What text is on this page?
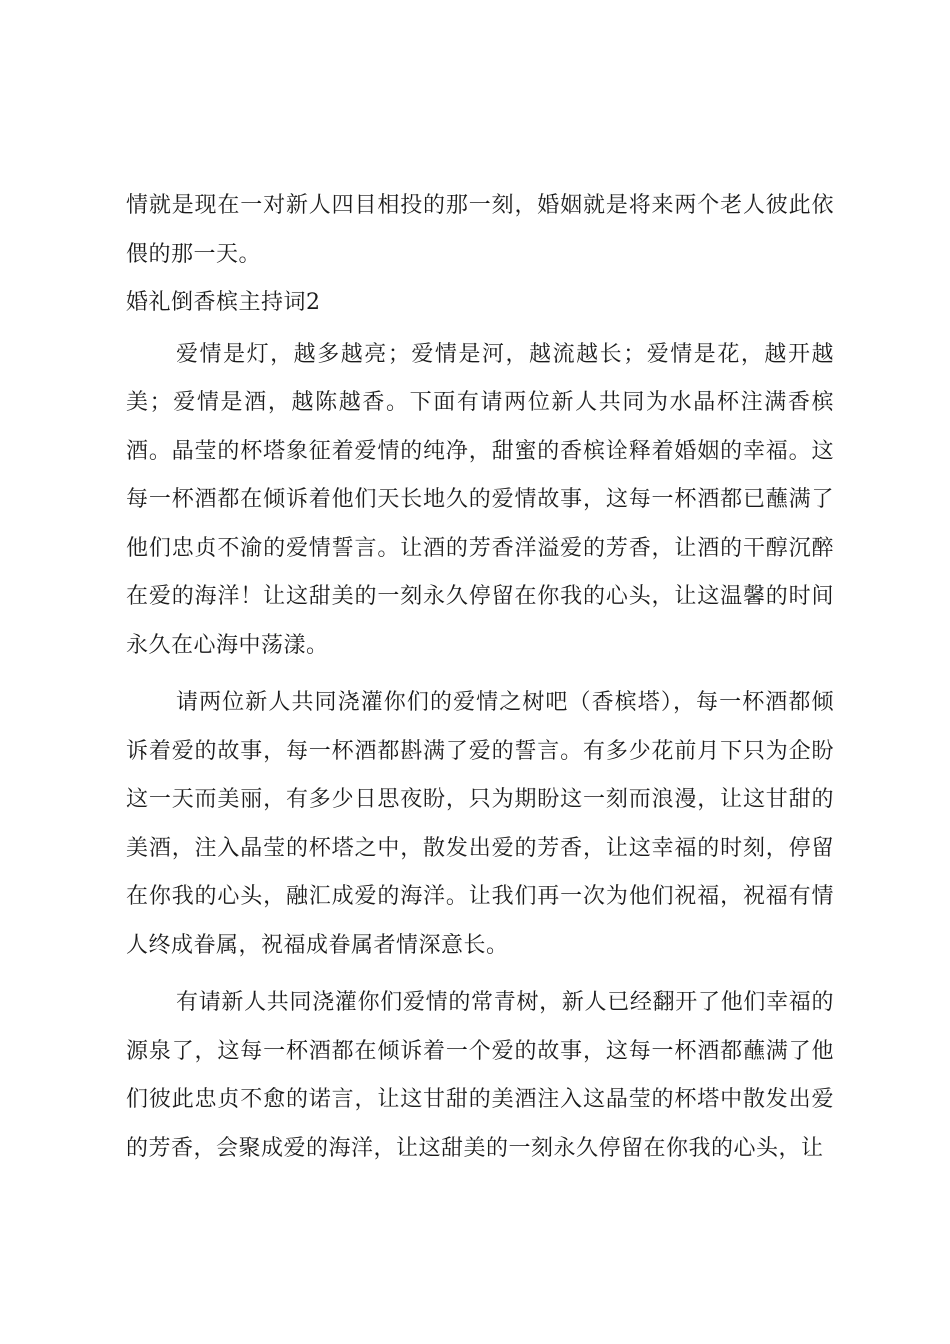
情就是现在一对新人四目相投的那一刻，婚姻就是将来两个老人彼此依偎的那一天。

婚礼倒香槟主持词2

爱情是灯，越多越亮；爱情是河，越流越长；爱情是花，越开越美；爱情是酒，越陈越香。下面有请两位新人共同为水晶杯注满香槟酒。晶莹的杯塔象征着爱情的纯净，甜蜜的香槟诠释着婚姻的幸福。这每一杯酒都在倾诉着他们天长地久的爱情故事，这每一杯酒都已蘸满了他们忠贞不渝的爱情誓言。让酒的芳香洋溢爱的芳香，让酒的干醇沉醉在爱的海洋！让这甜美的一刻永久停留在你我的心头，让这温馨的时间永久在心海中荡漾。

请两位新人共同浇灌你们的爱情之树吧（香槟塔），每一杯酒都倾诉着爱的故事，每一杯酒都斟满了爱的誓言。有多少花前月下只为企盼这一天而美丽，有多少日思夜盼，只为期盼这一刻而浪漫，让这甘甜的美酒，注入晶莹的杯塔之中，散发出爱的芳香，让这幸福的时刻，停留在你我的心头，融汇成爱的海洋。让我们再一次为他们祝福，祝福有情人终成眷属，祝福成眷属者情深意长。

有请新人共同浇灌你们爱情的常青树，新人已经翻开了他们幸福的源泉了，这每一杯酒都在倾诉着一个爱的故事，这每一杯酒都蘸满了他们彼此忠贞不愈的诺言，让这甘甜的美酒注入这晶莹的杯塔中散发出爱的芳香，会聚成爱的海洋，让这甜美的一刻永久停留在你我的心头，让
